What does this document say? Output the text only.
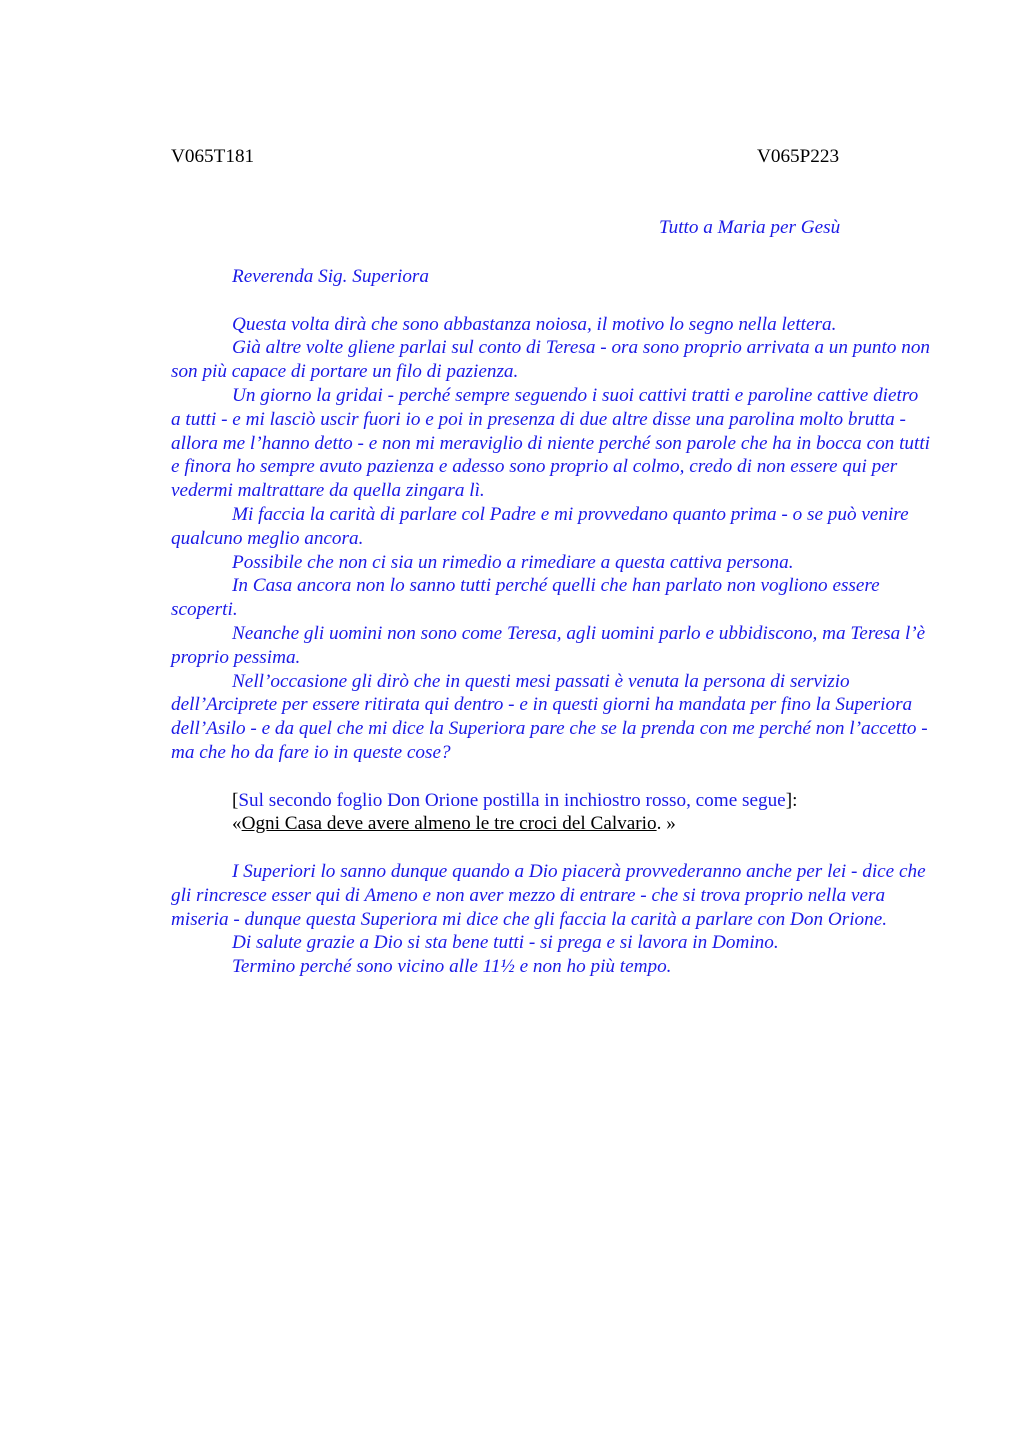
V065T181	V065P223
Tutto a Maria per Gesù

Reverenda Sig. Superiora

Questa volta dirà che sono abbastanza noiosa, il motivo lo segno nella lettera.

Già altre volte gliene parlai sul conto di Teresa - ora sono proprio arrivata a un punto non son più capace di portare un filo di pazienza.

Un giorno la gridai - perché sempre seguendo i suoi cattivi tratti e paroline cattive dietro a tutti - e mi lasciò uscir fuori io e poi in presenza di due altre disse una parolina molto brutta - allora me l’hanno detto - e non mi meraviglio di niente perché son parole che ha in bocca con tutti e finora ho sempre avuto pazienza e adesso sono proprio al colmo, credo di non essere qui per vedermi maltrattare da quella zingara lì.

Mi faccia la carità di parlare col Padre e mi provvedano quanto prima - o se può venire qualcuno meglio ancora.

Possibile che non ci sia un rimedio a rimediare a questa cattiva persona.

In Casa ancora non lo sanno tutti perché quelli che han parlato non vogliono essere scoperti.

Neanche gli uomini non sono come Teresa, agli uomini parlo e ubbidiscono, ma Teresa l’è proprio pessima.

Nell’occasione gli dirò che in questi mesi passati è venuta la persona di servizio dell’Arciprete per essere ritirata qui dentro - e in questi giorni ha mandata per fino la Superiora dell’Asilo - e da quel che mi dice la Superiora pare che se la prenda con me perché non l’accetto - ma che ho da fare io in queste cose?

[Sul secondo foglio Don Orione postilla in inchiostro rosso, come segue]:

«Ogni Casa deve avere almeno le tre croci del Calvario. »

I Superiori lo sanno dunque quando a Dio piacerà provvederanno anche per lei - dice che gli rincresce esser qui di Ameno e non aver mezzo di entrare - che si trova proprio nella vera miseria - dunque questa Superiora mi dice che gli faccia la carità a parlare con Don Orione.

Di salute grazie a Dio si sta bene tutti - si prega e si lavora in Domino.

Termino perché sono vicino alle 11½ e non ho più tempo.
